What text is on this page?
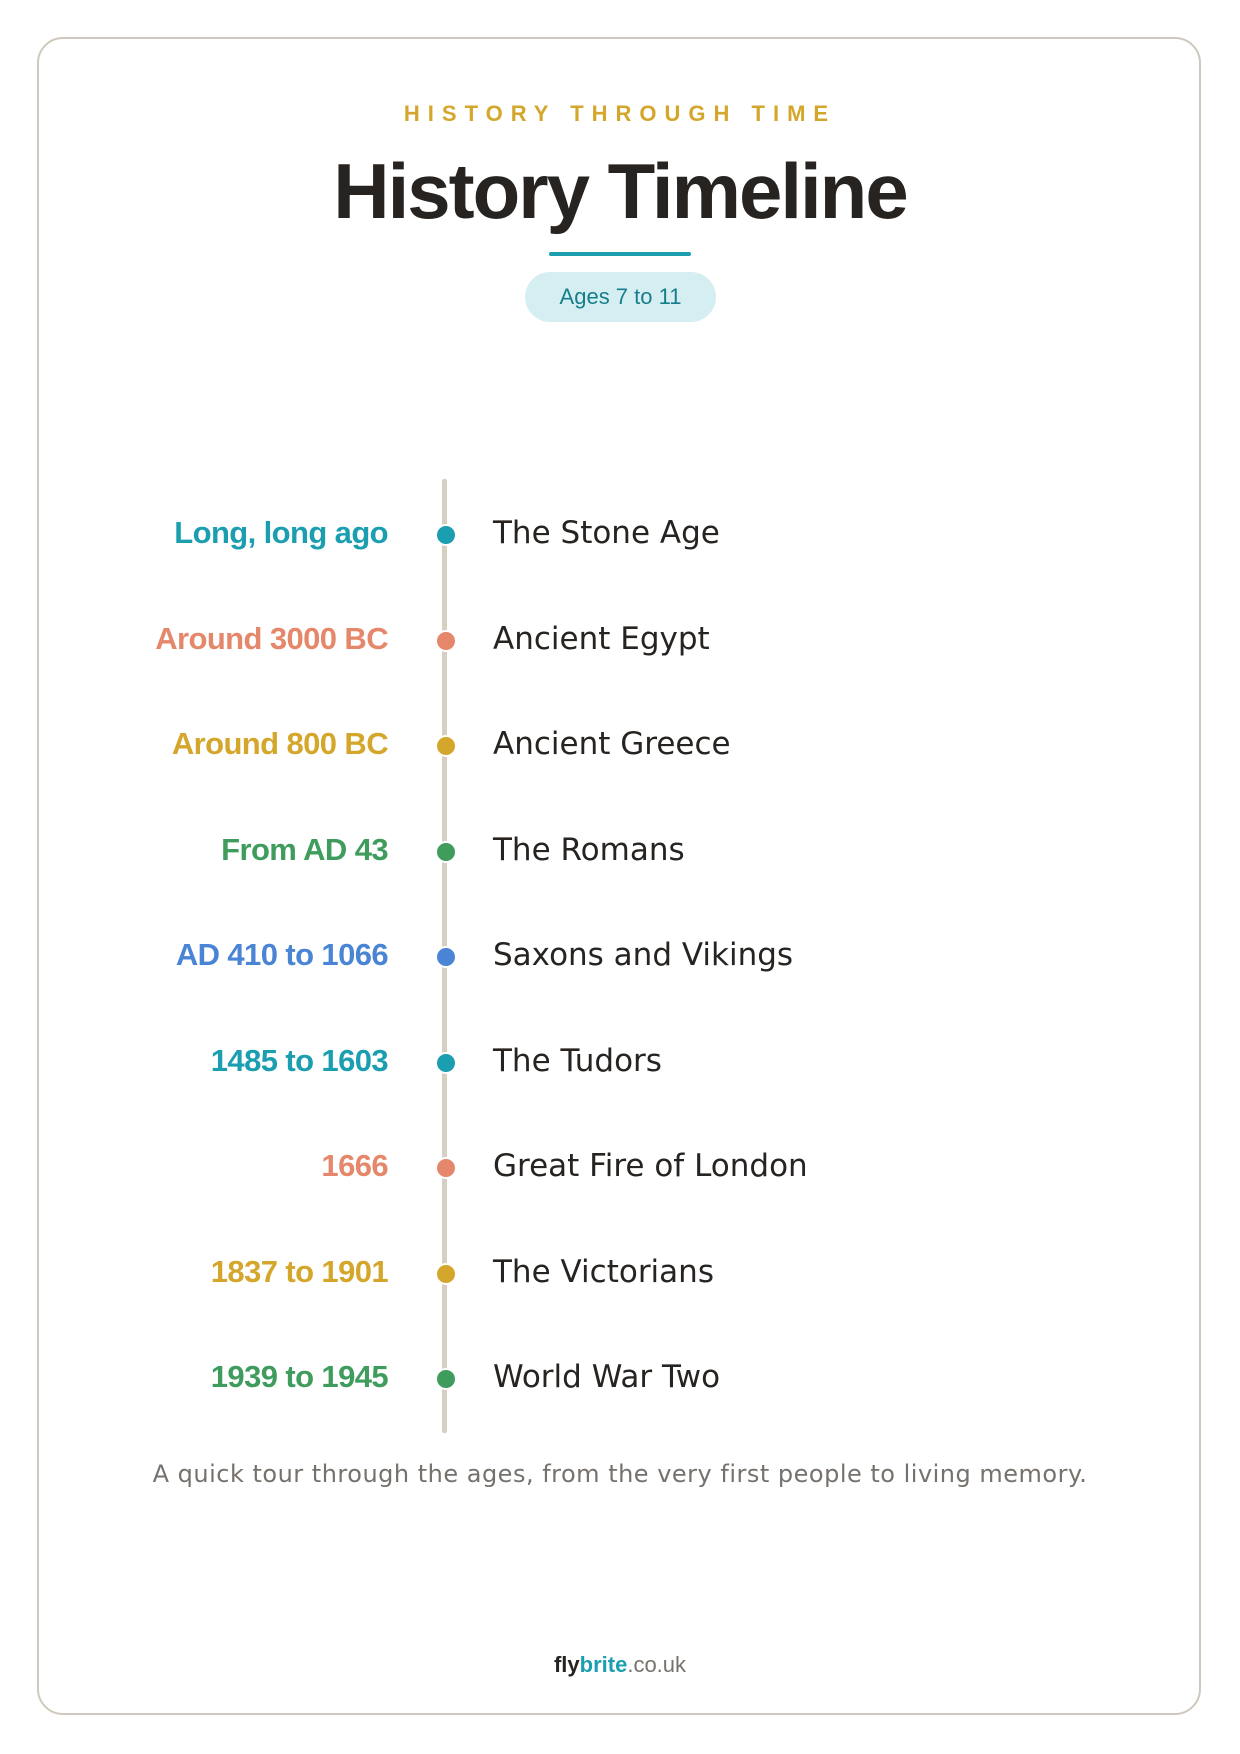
HISTORY THROUGH TIME
History Timeline
Ages 7 to 11
Long, long ago	The Stone Age
Around 3000 BC	Ancient Egypt
Around 800 BC	Ancient Greece
From AD 43	The Romans
AD 410 to 1066	Saxons and Vikings
1485 to 1603	The Tudors
1666	Great Fire of London
1837 to 1901	The Victorians
1939 to 1945	World War Two
A quick tour through the ages, from the very first people to living memory.
flybrite.co.uk
